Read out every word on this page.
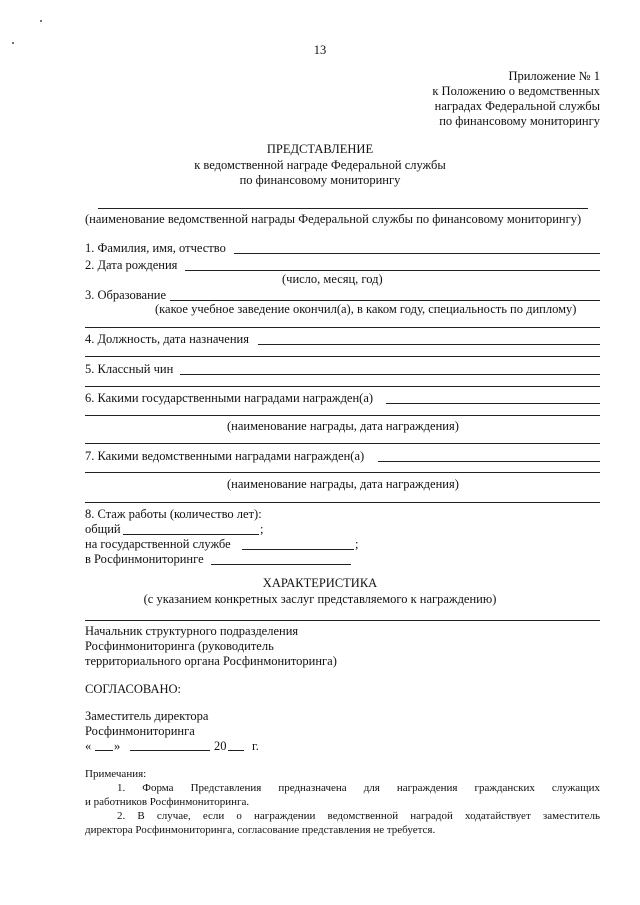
13
Приложение № 1
к Положению о ведомственных
наградах Федеральной службы
по финансовому мониторингу
ПРЕДСТАВЛЕНИЕ
к ведомственной награде Федеральной службы
по финансовому мониторингу
(наименование ведомственной награды Федеральной службы по финансовому мониторингу)
1. Фамилия, имя, отчество
2. Дата рождения
(число, месяц, год)
3. Образование
(какое учебное заведение окончил(а), в каком году, специальность по диплому)
4. Должность, дата назначения
5. Классный чин
6. Какими государственными наградами награжден(а)
(наименование награды, дата награждения)
7. Какими ведомственными наградами награжден(а)
(наименование награды, дата награждения)
8. Стаж работы (количество лет):
общий	;
на государственной службе	;
в Росфинмониторинге
ХАРАКТЕРИСТИКА
(с указанием конкретных заслуг представляемого к награждению)
Начальник структурного подразделения
Росфинмониторинга (руководитель
территориального органа Росфинмониторинга)
СОГЛАСОВАНО:
Заместитель директора
Росфинмониторинга
« »	20 г.
Примечания:
1. Форма Представления предназначена для награждения гражданских служащих
и работников Росфинмониторинга.
2. В случае, если о награждении ведомственной наградой ходатайствует заместитель
директора Росфинмониторинга, согласование представления не требуется.
